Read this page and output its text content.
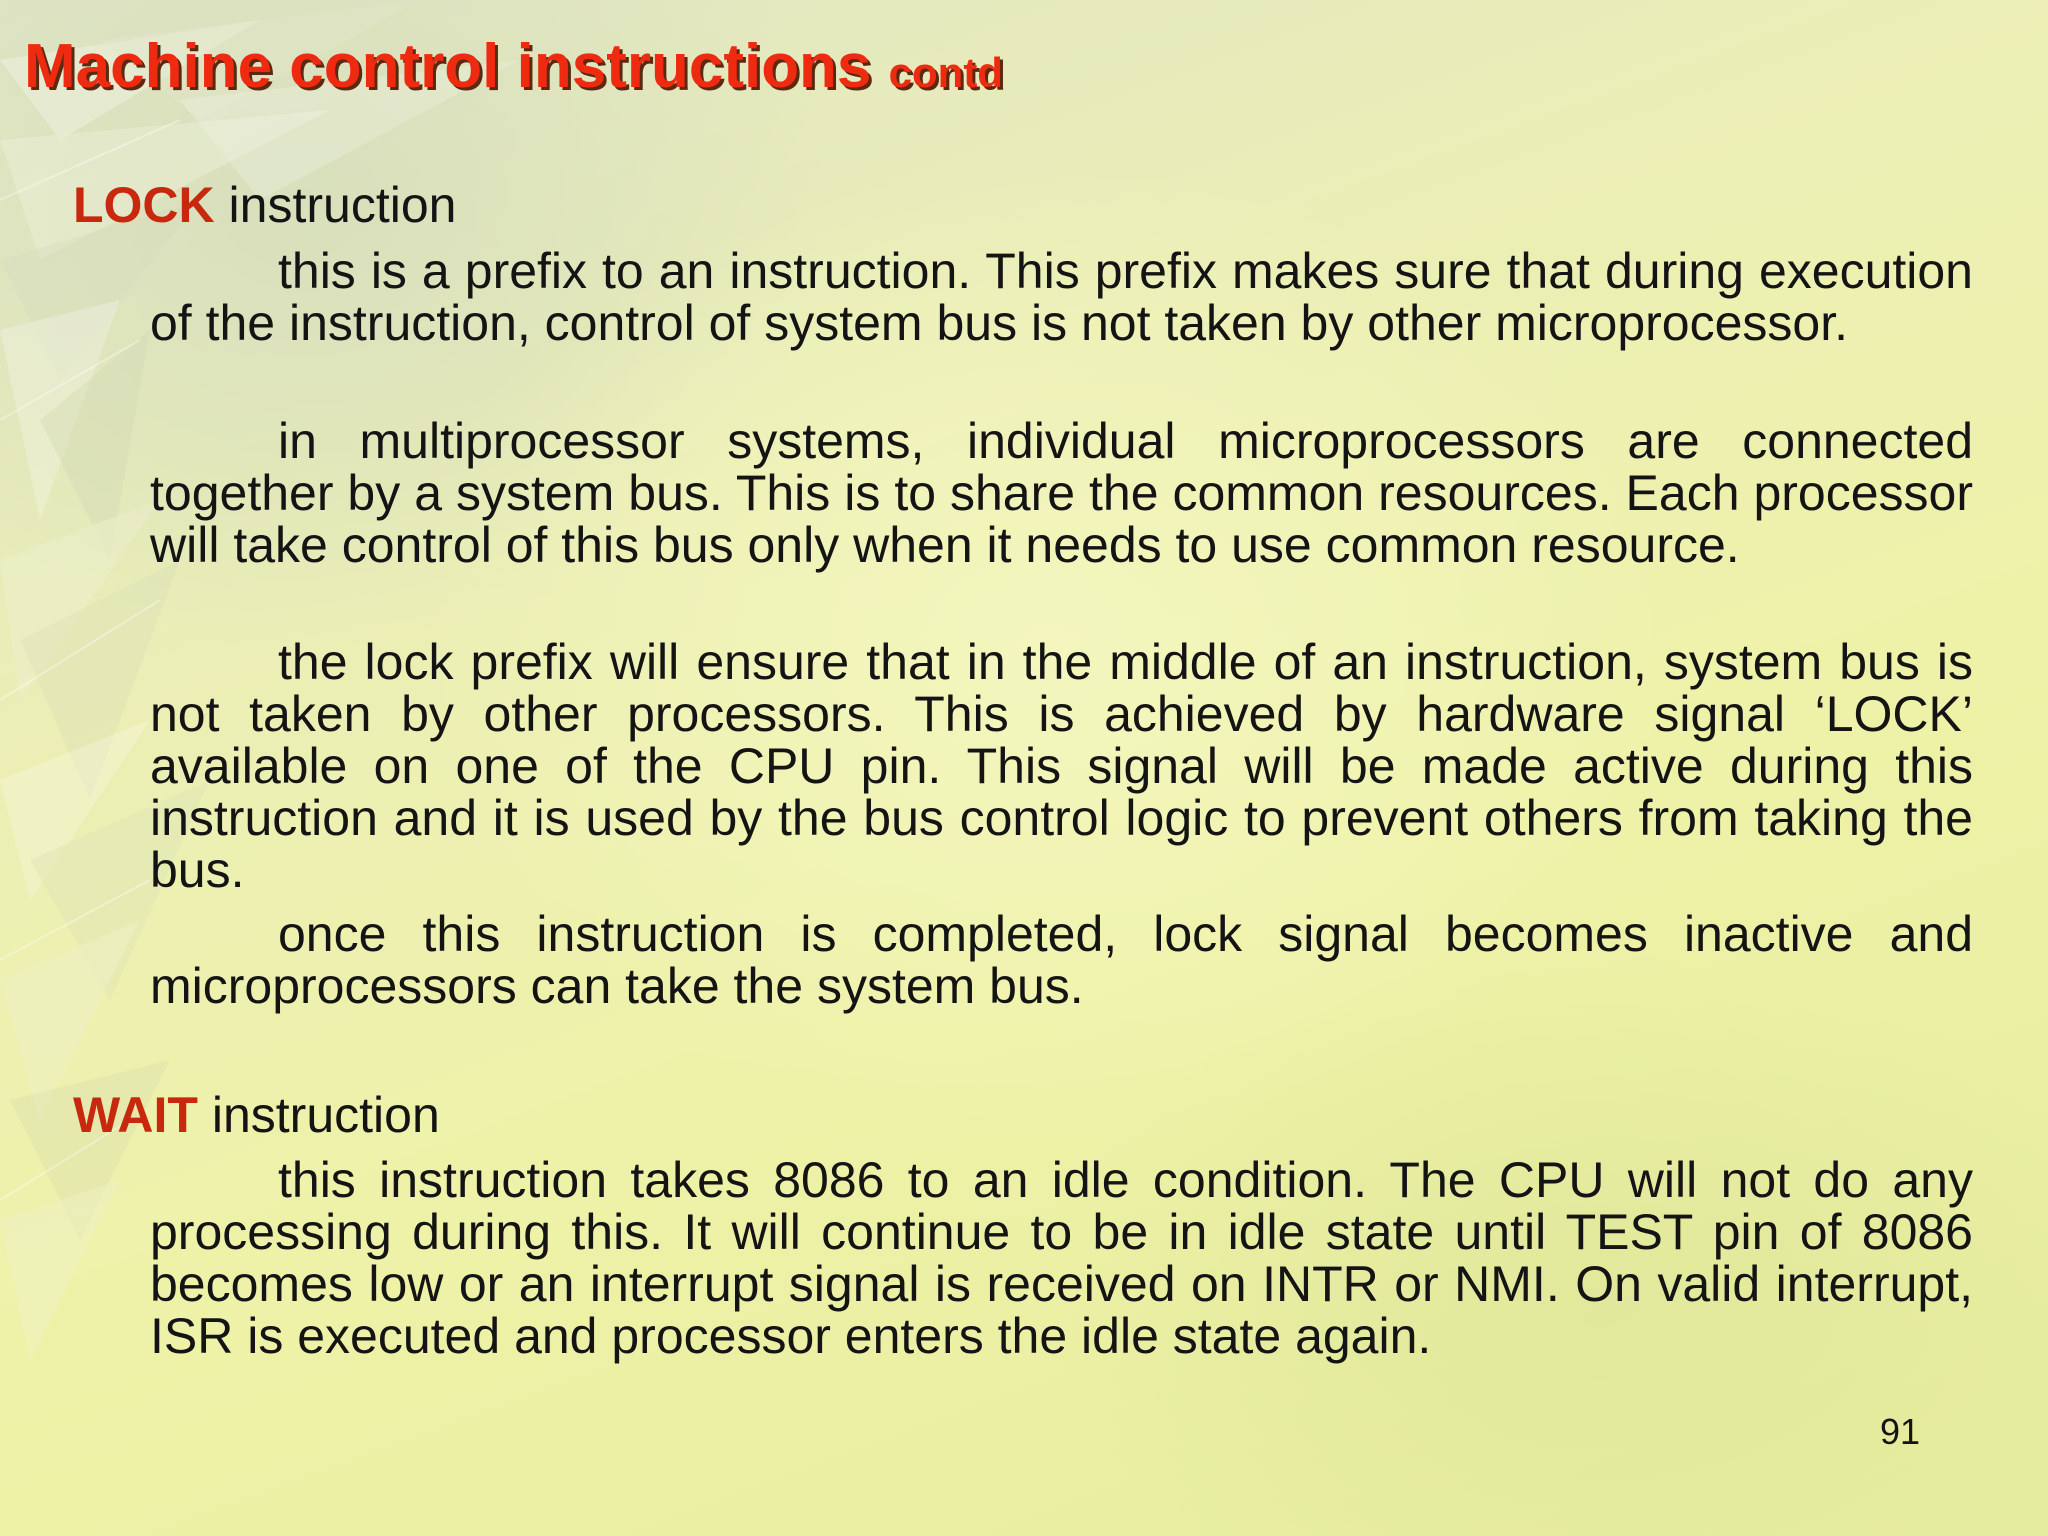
Machine control instructions contd
LOCK instruction

this is a prefix to an instruction. This prefix makes sure that during execution of the instruction, control of system bus is not taken by other microprocessor.

in multiprocessor systems, individual microprocessors are connected together by a system bus. This is to share the common resources. Each processor will take control of this bus only when it needs to use common resource.

the lock prefix will ensure that in the middle of an instruction, system bus is not taken by other processors. This is achieved by hardware signal ‘LOCK’ available on one of the CPU pin. This signal will be made active during this instruction and it is used by the bus control logic to prevent others from taking the bus.

once this instruction is completed, lock signal becomes inactive and microprocessors can take the system bus.

WAIT instruction

this instruction takes 8086 to an idle condition. The CPU will not do any processing during this. It will continue to be in idle state until TEST pin of 8086 becomes low or an interrupt signal is received on INTR or NMI. On valid interrupt, ISR is executed and processor enters the idle state again.

91
